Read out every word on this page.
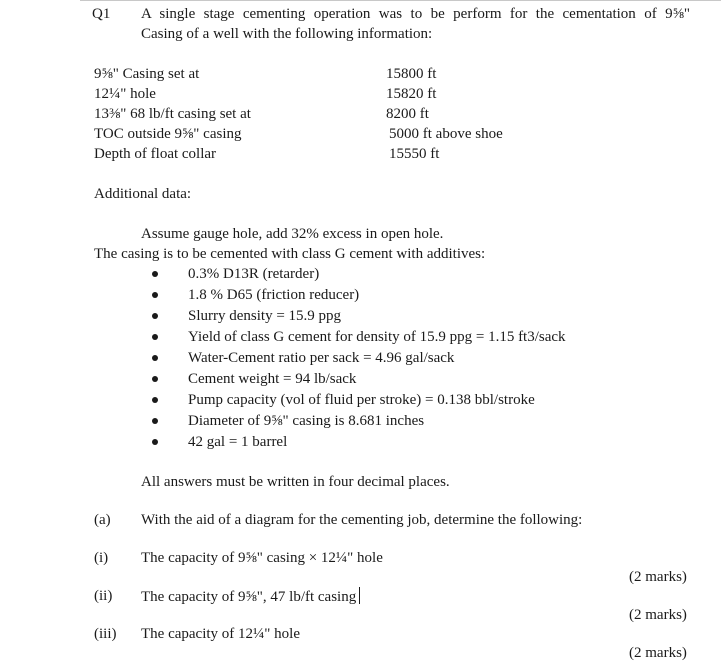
Q1 A single stage cementing operation was to be perform for the cementation of 9⅝"
Casing of a well with the following information:
9⅝" Casing set at	15800 ft
12¼" hole	15820 ft
13⅜" 68 lb/ft casing set at	8200 ft
TOC outside 9⅝" casing	5000 ft above shoe
Depth of float collar	15550 ft
Additional data:
Assume gauge hole, add 32% excess in open hole.
The casing is to be cemented with class G cement with additives:
0.3% D13R (retarder)
1.8 % D65 (friction reducer)
Slurry density = 15.9 ppg
Yield of class G cement for density of 15.9 ppg = 1.15 ft3/sack
Water-Cement ratio per sack = 4.96 gal/sack
Cement weight = 94 lb/sack
Pump capacity (vol of fluid per stroke) = 0.138 bbl/stroke
Diameter of 9⅝" casing is 8.681 inches
42 gal = 1 barrel
All answers must be written in four decimal places.
(a) With the aid of a diagram for the cementing job, determine the following:
(i) The capacity of 9⅝" casing × 12¼" hole
(2 marks)
(ii) The capacity of 9⅝", 47 lb/ft casing
(2 marks)
(iii) The capacity of 12¼" hole
(2 marks)
